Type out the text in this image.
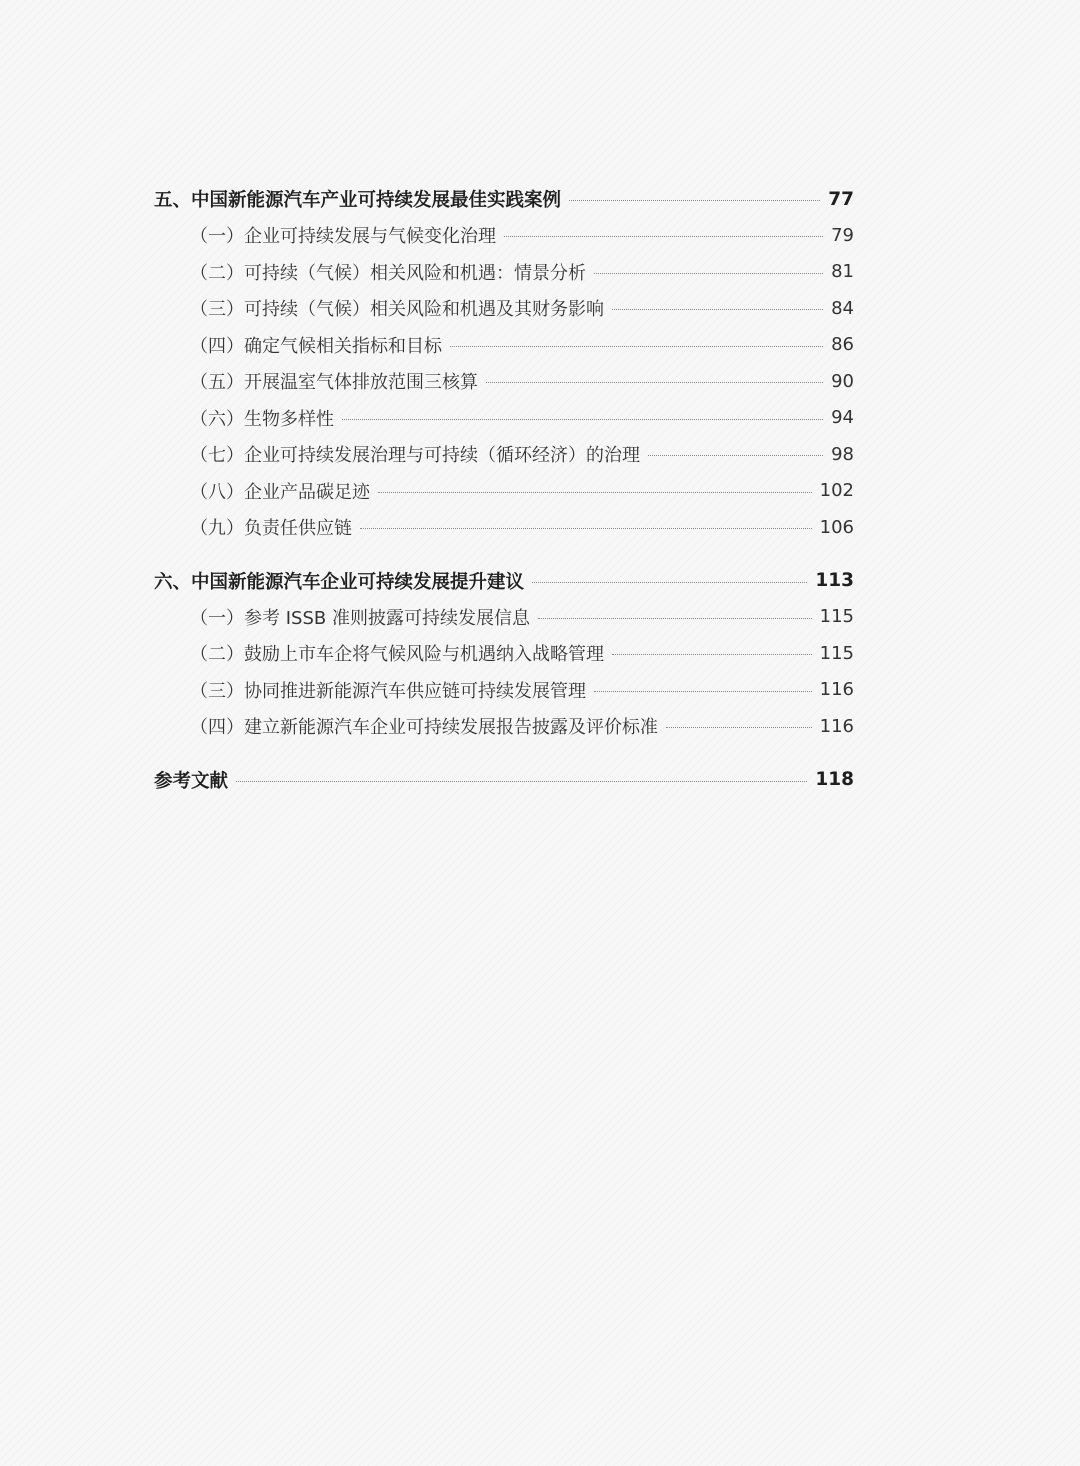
五、中国新能源汽车产业可持续发展最佳实践案例	77
（一）企业可持续发展与气候变化治理	79
（二）可持续（气候）相关风险和机遇：情景分析	81
（三）可持续（气候）相关风险和机遇及其财务影响	84
（四）确定气候相关指标和目标	86
（五）开展温室气体排放范围三核算	90
（六）生物多样性	94
（七）企业可持续发展治理与可持续（循环经济）的治理	98
（八）企业产品碳足迹	102
（九）负责任供应链	106
六、中国新能源汽车企业可持续发展提升建议	113
（一）参考 ISSB 准则披露可持续发展信息	115
（二）鼓励上市车企将气候风险与机遇纳入战略管理	115
（三）协同推进新能源汽车供应链可持续发展管理	116
（四）建立新能源汽车企业可持续发展报告披露及评价标准	116
参考文献	118
